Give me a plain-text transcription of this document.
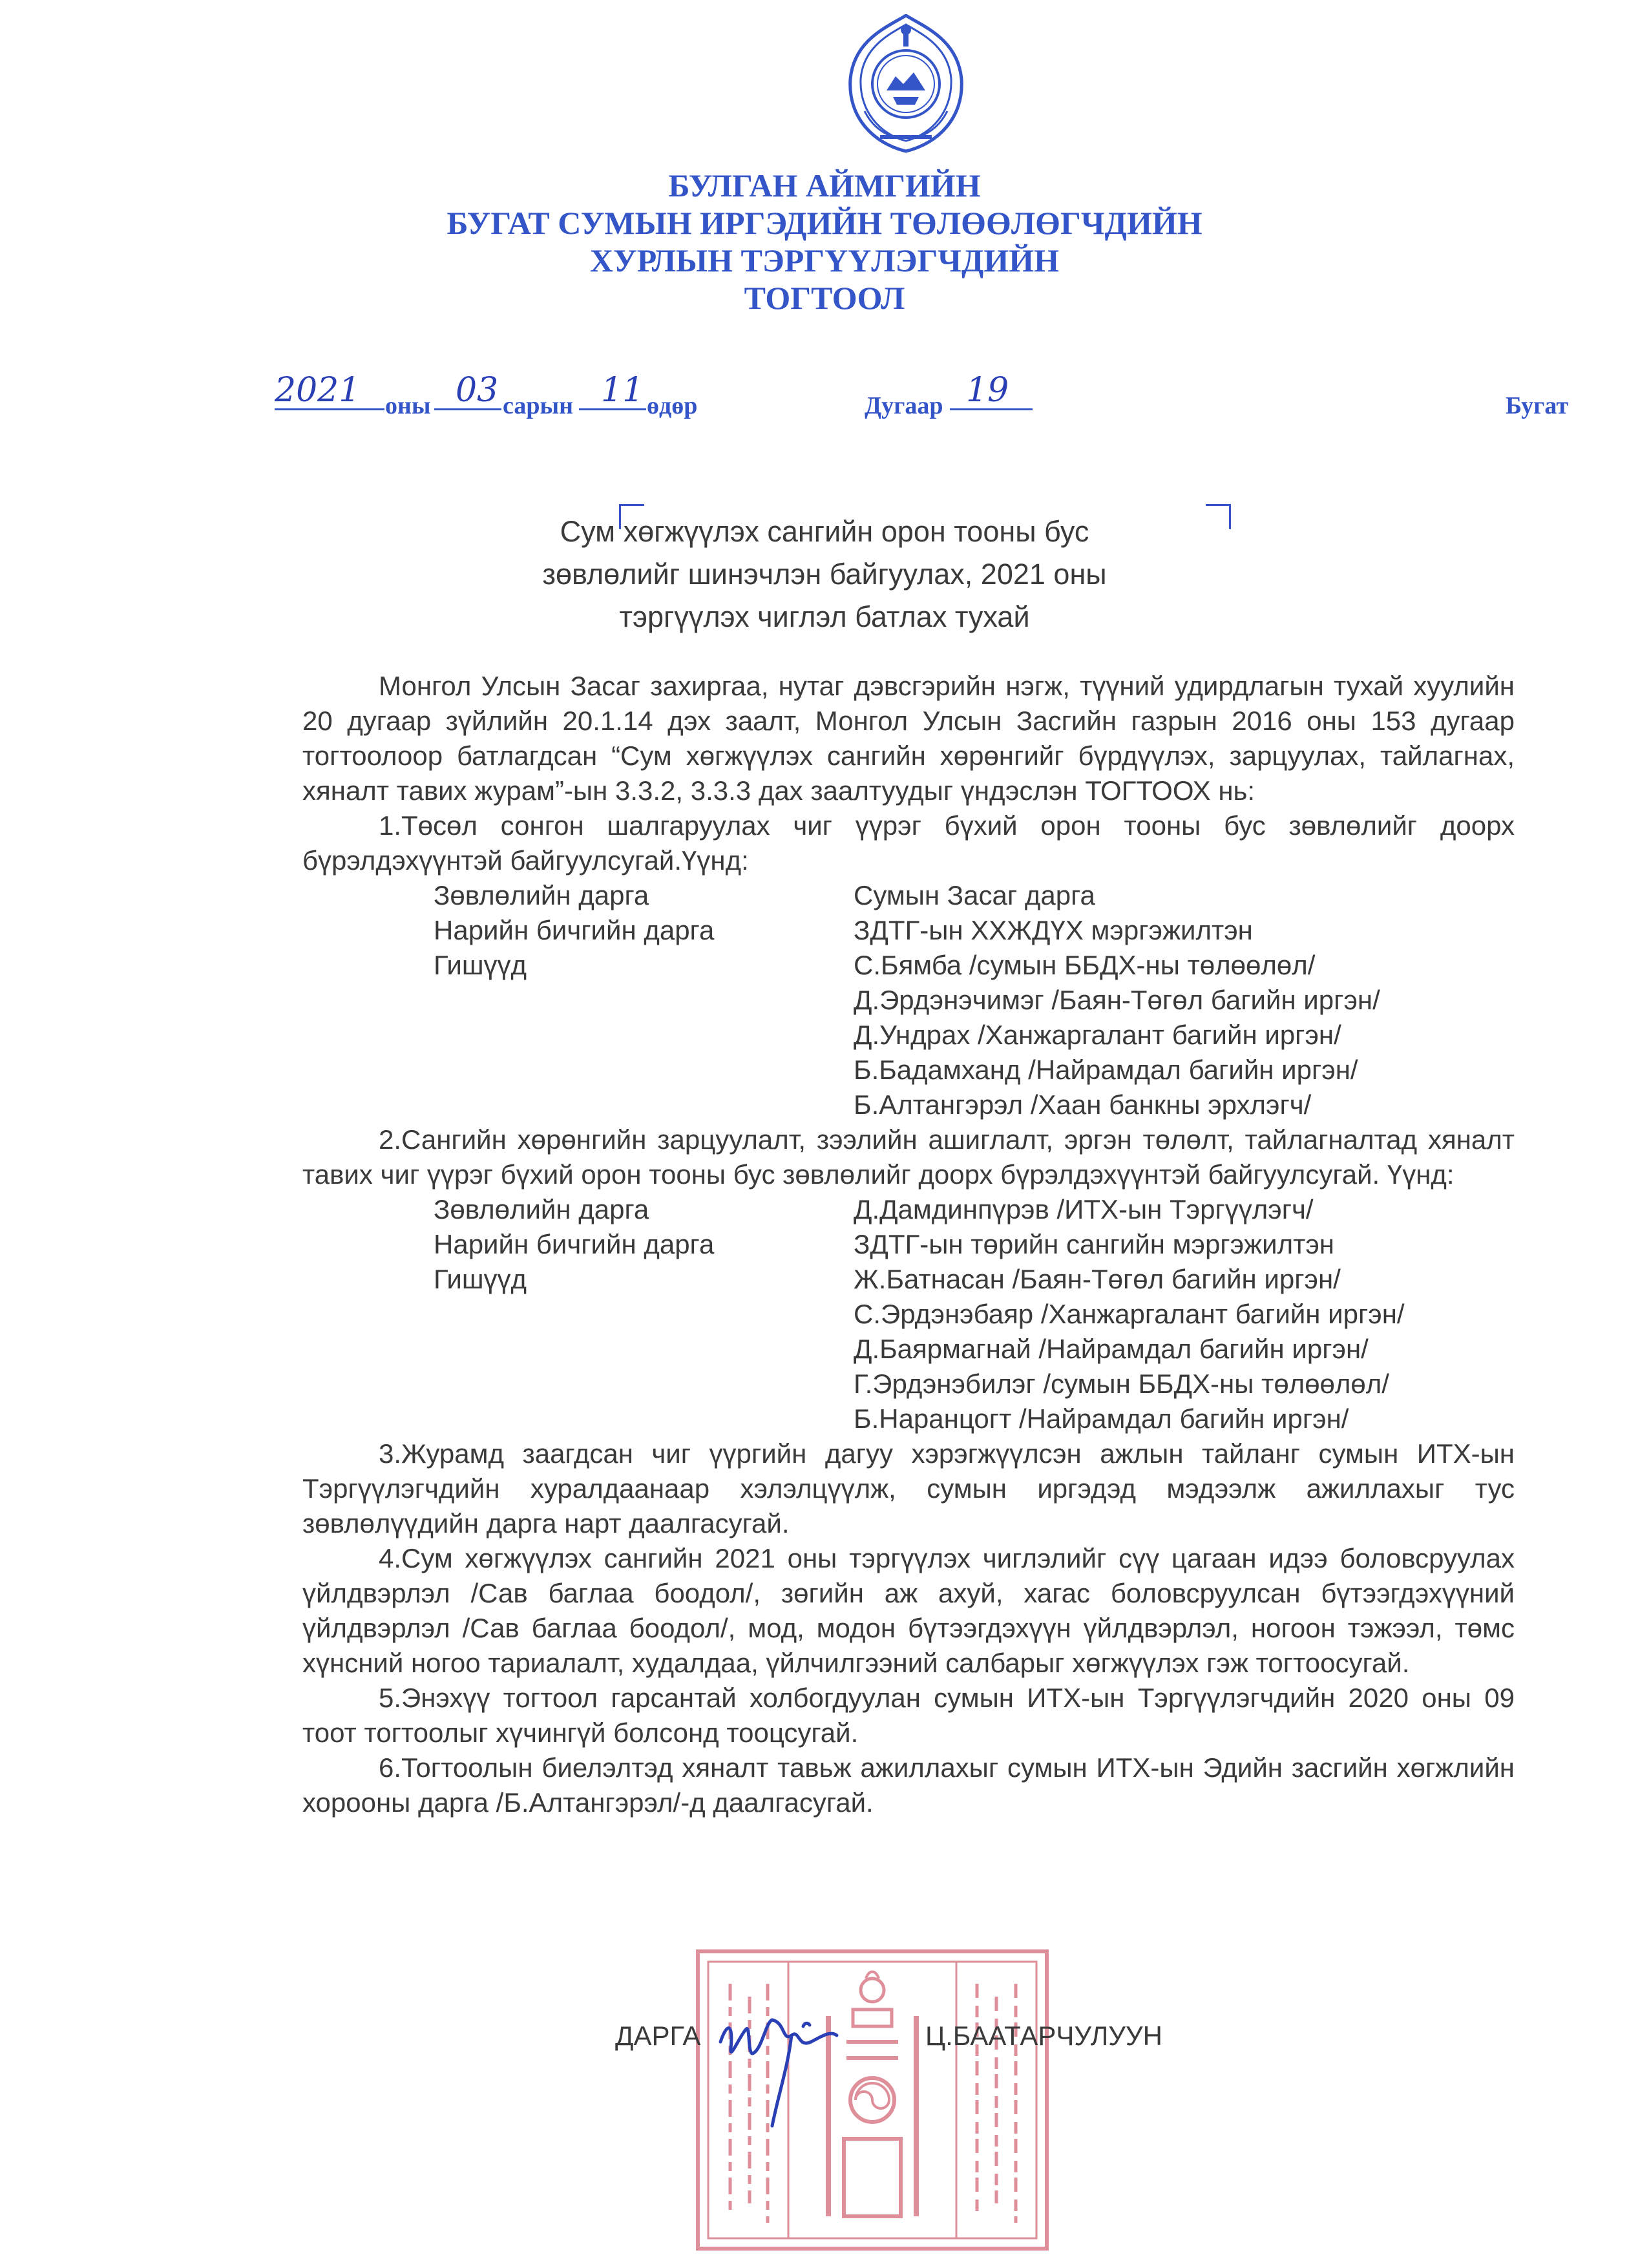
БУЛГАН АЙМГИЙН
БУГАТ СУМЫН ИРГЭДИЙН ТӨЛӨӨЛӨГЧДИЙН
ХУРЛЫН ТЭРГҮҮЛЭГЧДИЙН
ТОГТООЛ
2021 оны 03 сарын 11 өдөр	Дугаар 19	Бугат
Сум хөгжүүлэх сангийн орон тооны бус
зөвлөлийг шинэчлэн байгуулах, 2021 оны
тэргүүлэх чиглэл батлах тухай

Монгол Улсын Засаг захиргаа, нутаг дэвсгэрийн нэгж, түүний удирдлагын тухай хуулийн 20 дугаар зүйлийн 20.1.14 дэх заалт, Монгол Улсын Засгийн газрын 2016 оны 153 дугаар тогтоолоор батлагдсан “Сум хөгжүүлэх сангийн хөрөнгийг бүрдүүлэх, зарцуулах, тайлагнах, хяналт тавих журам”-ын 3.3.2, 3.3.3 дах заалтуудыг үндэслэн ТОГТООХ нь:

1.Төсөл сонгон шалгаруулах чиг үүрэг бүхий орон тооны бус зөвлөлийг доорх бүрэлдэхүүнтэй байгуулсугай.Үүнд:

Зөвлөлийн дарга	Сумын Засаг дарга
Нарийн бичгийн дарга	ЗДТГ-ын ХХЖДҮХ мэргэжилтэн
Гишүүд	С.Бямба /сумын ББДХ-ны төлөөлөл/
Д.Эрдэнэчимэг /Баян-Төгөл багийн иргэн/
Д.Ундрах /Ханжаргалант багийн иргэн/
Б.Бадамханд /Найрамдал багийн иргэн/
Б.Алтангэрэл /Хаан банкны эрхлэгч/

2.Сангийн хөрөнгийн зарцуулалт, зээлийн ашиглалт, эргэн төлөлт, тайлагналтад хяналт тавих чиг үүрэг бүхий орон тооны бус зөвлөлийг доорх бүрэлдэхүүнтэй байгуулсугай. Үүнд:

Зөвлөлийн дарга	Д.Дамдинпүрэв /ИТХ-ын Тэргүүлэгч/
Нарийн бичгийн дарга	ЗДТГ-ын төрийн сангийн мэргэжилтэн
Гишүүд	Ж.Батнасан /Баян-Төгөл багийн иргэн/
С.Эрдэнэбаяр /Ханжаргалант багийн иргэн/
Д.Баярмагнай /Найрамдал багийн иргэн/
Г.Эрдэнэбилэг /сумын ББДХ-ны төлөөлөл/
Б.Наранцогт /Найрамдал багийн иргэн/

3.Журамд заагдсан чиг үүргийн дагуу хэрэгжүүлсэн ажлын тайланг сумын ИТХ-ын Тэргүүлэгчдийн хуралдаанаар хэлэлцүүлж, сумын иргэдэд мэдээлж ажиллахыг тус зөвлөлүүдийн дарга нарт даалгасугай.

4.Сум хөгжүүлэх сангийн 2021 оны тэргүүлэх чиглэлийг сүү цагаан идээ боловсруулах үйлдвэрлэл /Сав баглаа боодол/, зөгийн аж ахуй, хагас боловсруулсан бүтээгдэхүүний үйлдвэрлэл /Сав баглаа боодол/, мод, модон бүтээгдэхүүн үйлдвэрлэл, ногоон тэжээл, төмс хүнсний ногоо тариалалт, худалдаа, үйлчилгээний салбарыг хөгжүүлэх гэж тогтоосугай.

5.Энэхүү тогтоол гарсантай холбогдуулан сумын ИТХ-ын Тэргүүлэгчдийн 2020 оны 09 тоот тогтоолыг хүчингүй болсонд тооцсугай.

6.Тогтоолын биелэлтэд хяналт тавьж ажиллахыг сумын ИТХ-ын Эдийн засгийн хөгжлийн хорооны дарга /Б.Алтангэрэл/-д даалгасугай.

ДАРГА	Ц.БААТАРЧУЛУУН
